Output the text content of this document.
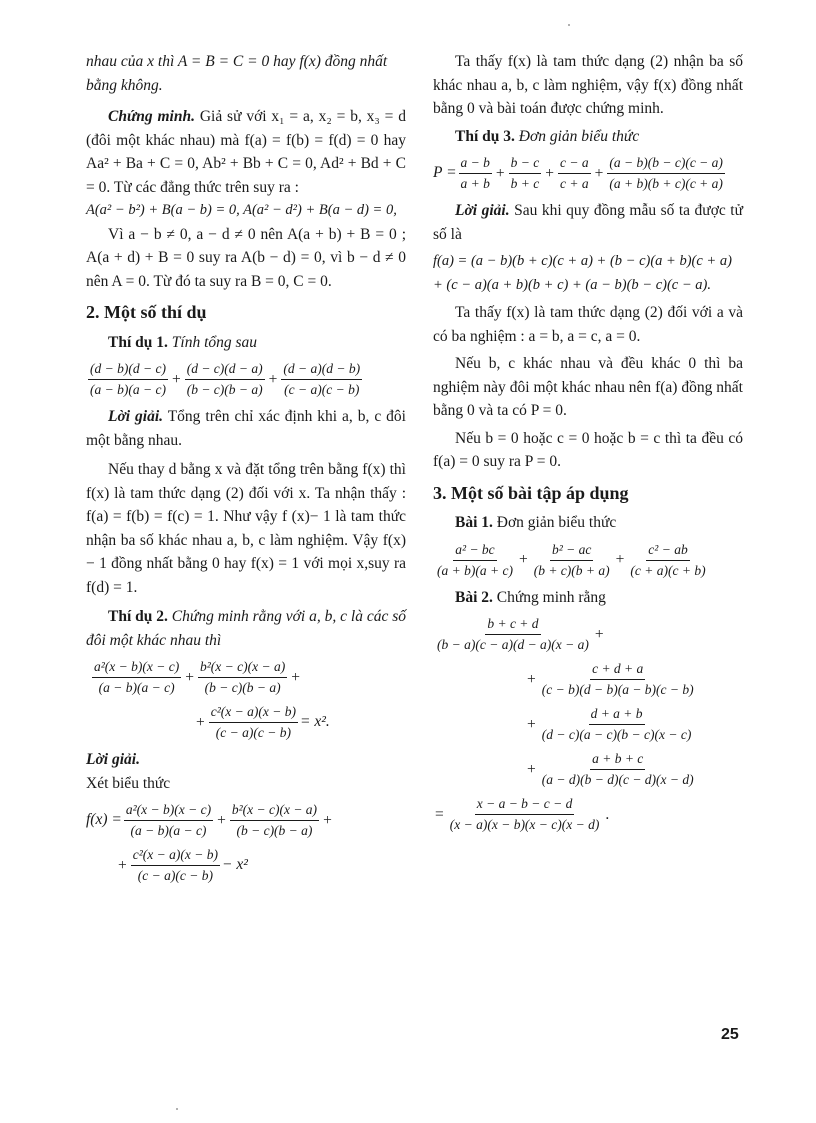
nhau của x thì A = B = C = 0 hay f(x) đồng nhất

bằng không.

Chứng minh. Giả sử với x₁ = a, x₂ = b, x₃ = d (đôi một khác nhau) mà f(a) = f(b) = f(d) = 0 hay Aa² + Ba + C = 0, Ab² + Bb + C = 0, Ad² + Bd + C = 0. Từ các đẳng thức trên suy ra :

A(a² − b²) + B(a − b) = 0, A(a² − d²) + B(a − d) = 0,

Vì a − b ≠ 0, a − d ≠ 0 nên A(a + b) + B = 0 ; A(a + d) + B = 0 suy ra A(b − d) = 0, vì b − d ≠ 0 nên A = 0. Từ đó ta suy ra B = 0, C = 0.

2. Một số thí dụ

Thí dụ 1. Tính tổng sau

$\frac{(d - b)(d - c)}{(a - b)(a - c)} + \frac{(d - c)(d - a)}{(b - c)(b - a)} + \frac{(d - a)(d - b)}{(c - a)(c - b)}$

Lời giải. Tổng trên chỉ xác định khi a, b, c đôi một bằng nhau.

Nếu thay d bằng x và đặt tổng trên bằng f(x) thì f(x) là tam thức dạng (2) đối với x. Ta nhận thấy : f(a) = f(b) = f(c) = 1. Như vậy f (x)− 1 là tam thức nhận ba số khác nhau a, b, c làm nghiệm. Vậy f(x) − 1 đồng nhất bằng 0 hay f(x) = 1 với mọi x,suy ra f(d) = 1.

Thí dụ 2. Chứng minh rằng với a, b, c là các số đôi một khác nhau thì

$\frac{\text{a²(x − b)(x − c)}}{(a - b)(a - c)} + \frac{\text{b²(x − c)(x − a)}}{(b - c)(b - a)}$ +
+ $\frac{\text{c²(x − a)(x − b)}}{(c - a)(c - b)} = x^2$.

Lời giải.

Xét biểu thức

$f(x) = \frac{\text{a²(x − b)(x − c)}}{(a - b)(a - c)} + \frac{\text{b²(x − c)(x − a)}}{(b - c)(b - a)}$ +
+ $\frac{\text{c²(x − a)(x − b)}}{(c - a)(c - b)} - x^2$

Ta thấy f(x) là tam thức dạng (2) nhận ba số khác nhau a, b, c làm nghiệm, vậy f(x) đồng nhất bằng 0 và bài toán được chứng minh.

Thí dụ 3. Đơn giản biểu thức

$P = \frac{a - b}{a + b} + \frac{b - c}{b + c} + \frac{c - a}{c + a} + \frac{(a - b)(b - c)(c - a)}{(a + b)(b + c)(c + a)}$

Lời giải. Sau khi quy đồng mẫu số ta được tử số là

f(a) = (a − b)(b + c)(c + a) + (b − c)(a + b)(c + a)

+ (c − a)(a + b)(b + c) + (a − b)(b − c)(c − a).

Ta thấy f(x) là tam thức dạng (2) đối với a và có ba nghiệm : a = b, a = c, a = 0.

Nếu b, c khác nhau và đều khác 0 thì ba nghiệm này đôi một khác nhau nên f(a) đồng nhất bằng 0 và ta có P = 0.

Nếu b = 0 hoặc c = 0 hoặc b = c thì ta đều có f(a) = 0 suy ra P = 0.

3. Một số bài tập áp dụng

Bài 1. Đơn giản biểu thức

$\frac{\text{a² − bc}}{(a + b)(a + c)} + \frac{\text{b² − ac}}{(b + c)(b + a)} + \frac{\text{c² − ab}}{(c + a)(c + b)}$

Bài 2. Chứng minh rằng

$\frac{b + c + d}{(b - a)(c - a)(d - a)(x - a)}$ +
+ $\frac{c + d + a}{(c - b)(d - b)(a - b)(c - b)}$
+ $\frac{d + a + b}{(d - c)(a - c)(b - c)(x - c)}$
+ $\frac{a + b + c}{(a - d)(b - d)(c - d)(x - d)}$
= $\frac{x - a - b - c - d}{(x - a)(x - b)(x - c)(x - d)}$ .
25
